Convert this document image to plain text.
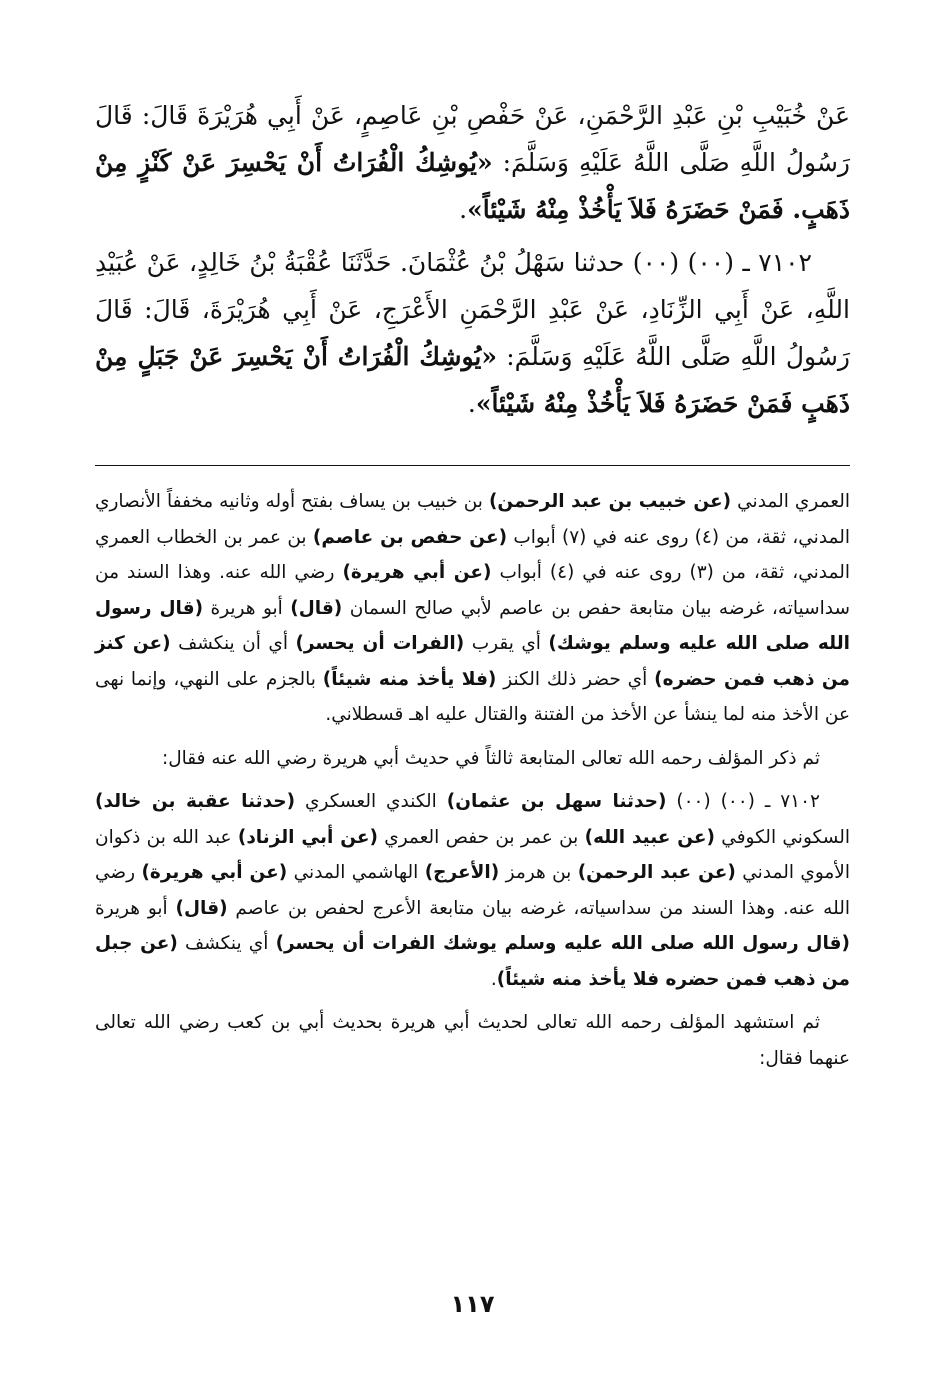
عَنْ خُبَيْبِ بْنِ عَبْدِ الرَّحْمَنِ، عَنْ حَفْصِ بْنِ عَاصِمٍ، عَنْ أَبِي هُرَيْرَةَ قَالَ: قَالَ رَسُولُ اللَّهِ صَلَّى اللَّهُ عَلَيْهِ وَسَلَّمَ: «يُوشِكُ الْفُرَاتُ أَنْ يَحْسِرَ عَنْ كَنْزٍ مِنْ ذَهَبٍ. فَمَنْ حَضَرَهُ فَلاَ يَأْخُذْ مِنْهُ شَيْئاً».

٧١٠٢ ـ (٠٠) (٠٠) حدثنا سَهْلُ بْنُ عُثْمَانَ. حَدَّثَنَا عُقْبَةُ بْنُ خَالِدٍ، عَنْ عُبَيْدِ اللَّهِ، عَنْ أَبِي الزِّنَادِ، عَنْ عَبْدِ الرَّحْمَنِ الأَعْرَجِ، عَنْ أَبِي هُرَيْرَةَ، قَالَ: قَالَ رَسُولُ اللَّهِ صَلَّى اللَّهُ عَلَيْهِ وَسَلَّمَ: «يُوشِكُ الْفُرَاتُ أَنْ يَحْسِرَ عَنْ جَبَلٍ مِنْ ذَهَبٍ فَمَنْ حَضَرَهُ فَلاَ يَأْخُذْ مِنْهُ شَيْئاً».

العمري المدني (عن خبيب بن عبد الرحمن) بن خبيب بن يساف بفتح أوله وثانيه مخففاً الأنصاري المدني، ثقة، من (٤) روى عنه في (٧) أبواب (عن حفص بن عاصم) بن عمر بن الخطاب العمري المدني، ثقة، من (٣) روى عنه في (٤) أبواب (عن أبي هريرة) رضي الله عنه. وهذا السند من سداسياته، غرضه بيان متابعة حفص بن عاصم لأبي صالح السمان (قال) أبو هريرة (قال رسول الله صلى الله عليه وسلم يوشك) أي يقرب (الفرات أن يحسر) أي أن ينكشف (عن كنز من ذهب فمن حضره) أي حضر ذلك الكنز (فلا يأخذ منه شيئاً) بالجزم على النهي، وإنما نهى عن الأخذ منه لما ينشأ عن الأخذ من الفتنة والقتال عليه اهـ قسطلاني.

ثم ذكر المؤلف رحمه الله تعالى المتابعة ثالثاً في حديث أبي هريرة رضي الله عنه فقال:

٧١٠٢ ـ (٠٠) (٠٠) (حدثنا سهل بن عثمان) الكندي العسكري (حدثنا عقبة بن خالد) السكوني الكوفي (عن عبيد الله) بن عمر بن حفص العمري (عن أبي الزناد) عبد الله بن ذكوان الأموي المدني (عن عبد الرحمن) بن هرمز (الأعرج) الهاشمي المدني (عن أبي هريرة) رضي الله عنه. وهذا السند من سداسياته، غرضه بيان متابعة الأعرج لحفص بن عاصم (قال) أبو هريرة (قال رسول الله صلى الله عليه وسلم يوشك الفرات أن يحسر) أي ينكشف (عن جبل من ذهب فمن حضره فلا يأخذ منه شيئاً).

ثم استشهد المؤلف رحمه الله تعالى لحديث أبي هريرة بحديث أبي بن كعب رضي الله تعالى عنهما فقال:

١١٧
